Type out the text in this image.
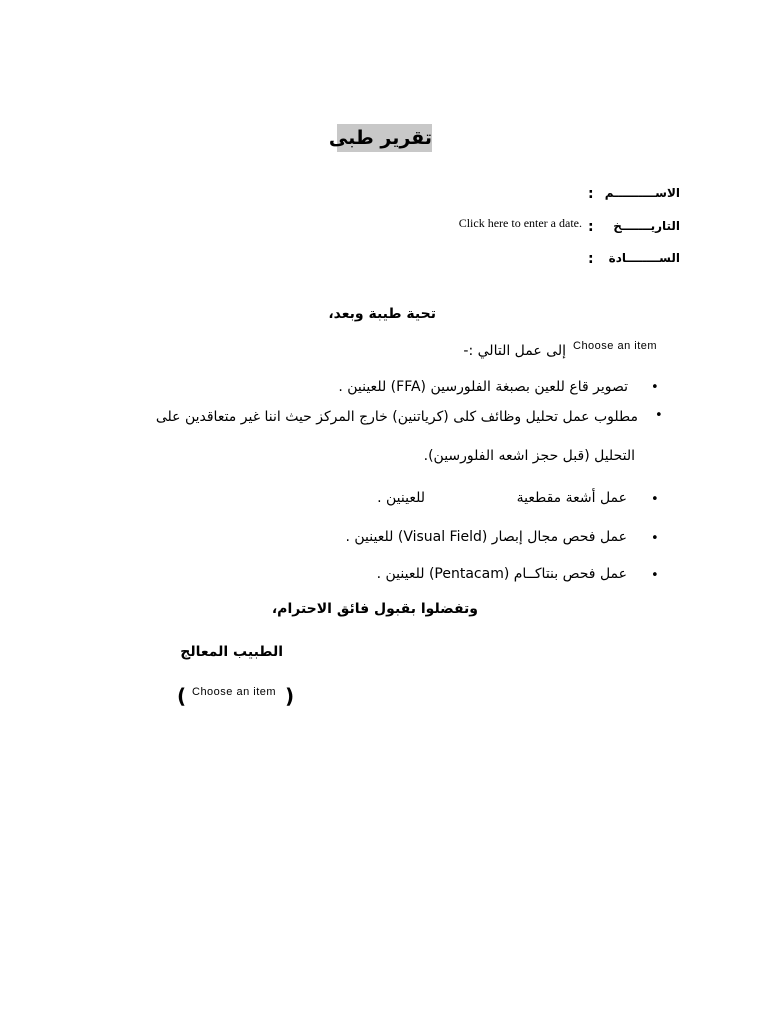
تقرير طبى
الاســــــــــم
:
التاريـــــــخ
:
Click here to enter a date.
الســــــــادة
:
تحية طيبة وبعد،
إلى عمل التالي :- Choose an item
•
تصوير قاع للعين بصبغة الفلورسين (FFA) للعينين .
•
مطلوب عمل تحليل وظائف كلى (كرياتنين) خارج المركز حيث اننا غير متعاقدين على
التحليل (قبل حجز اشعه الفلورسين).
•
عمل أشعة مقطعية
للعينين .
•
عمل فحص مجال إبصار (Visual Field) للعينين .
•
عمل فحص بنتاكــام (Pentacam) للعينين .
وتفضلوا بقبول فائق الاحترام،
الطبيب المعالج
( Choose an item )
